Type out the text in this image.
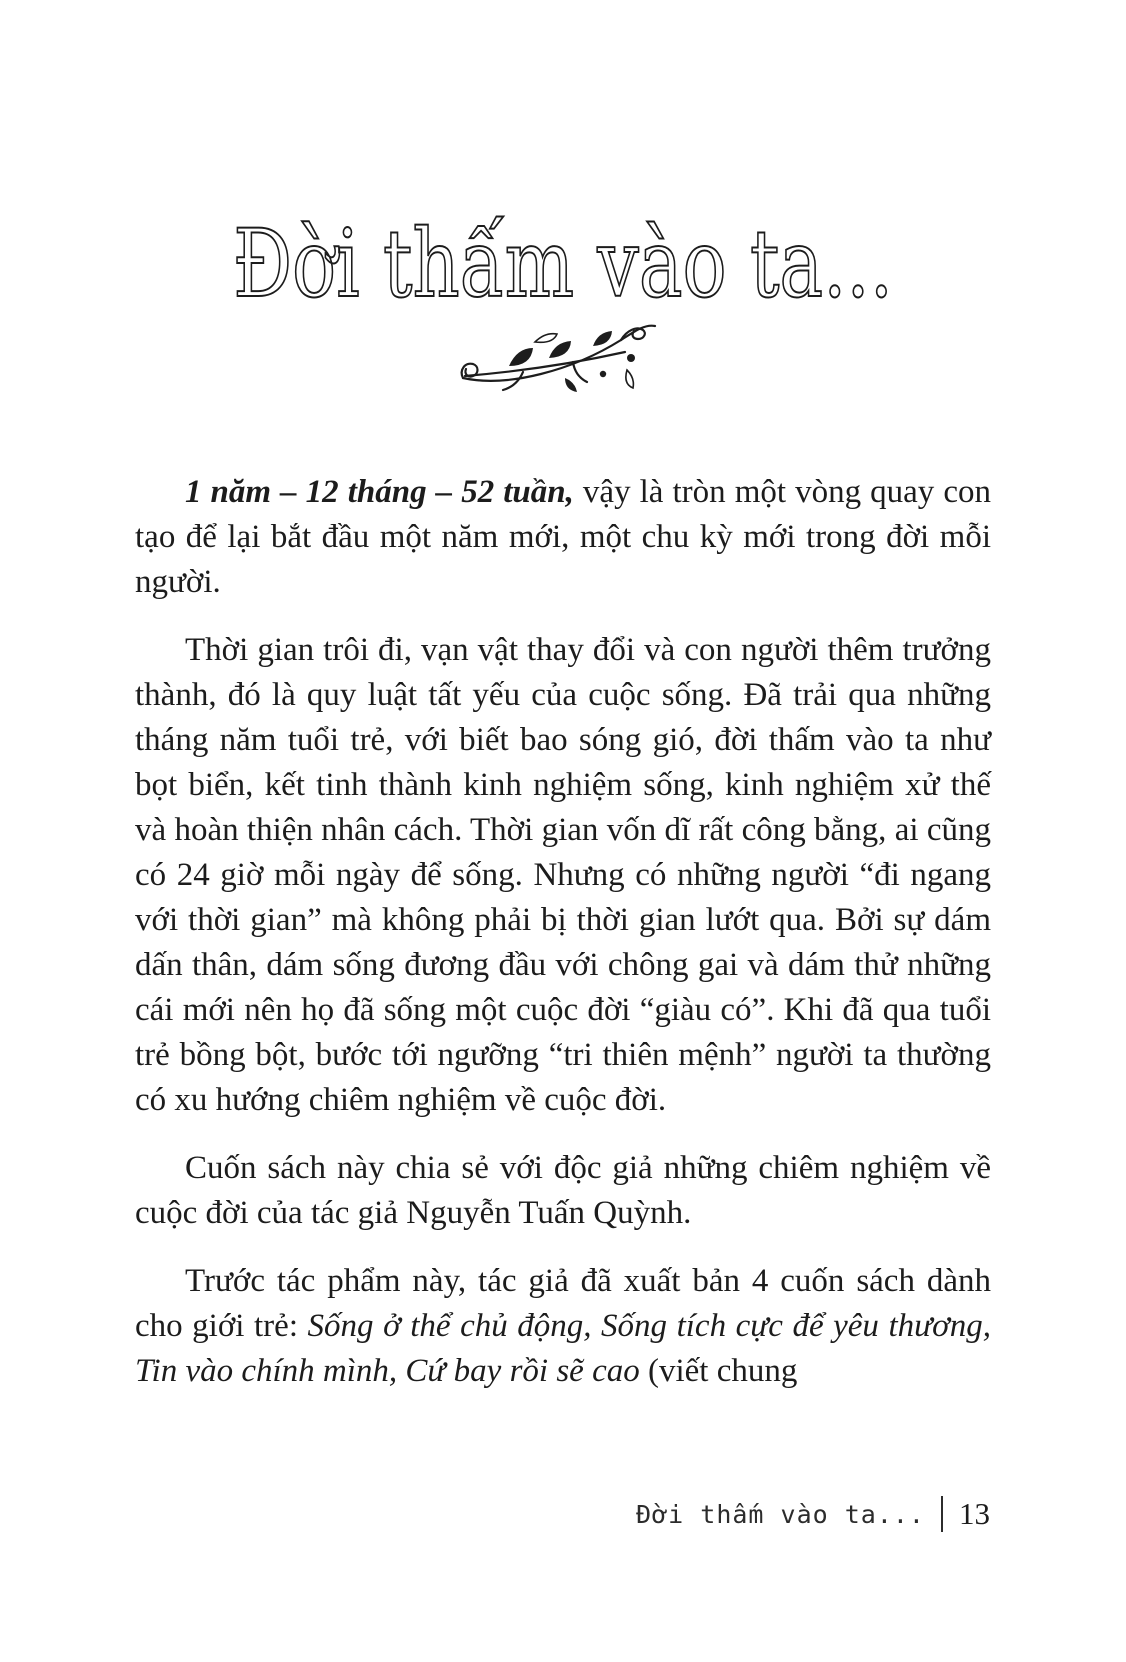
Đời thấm vào ta...

1 năm – 12 tháng – 52 tuần, vậy là tròn một vòng quay con tạo để lại bắt đầu một năm mới, một chu kỳ mới trong đời mỗi người.

Thời gian trôi đi, vạn vật thay đổi và con người thêm trưởng thành, đó là quy luật tất yếu của cuộc sống. Đã trải qua những tháng năm tuổi trẻ, với biết bao sóng gió, đời thấm vào ta như bọt biển, kết tinh thành kinh nghiệm sống, kinh nghiệm xử thế và hoàn thiện nhân cách. Thời gian vốn dĩ rất công bằng, ai cũng có 24 giờ mỗi ngày để sống. Nhưng có những người “đi ngang với thời gian” mà không phải bị thời gian lướt qua. Bởi sự dám dấn thân, dám sống đương đầu với chông gai và dám thử những cái mới nên họ đã sống một cuộc đời “giàu có”. Khi đã qua tuổi trẻ bồng bột, bước tới ngưỡng “tri thiên mệnh” người ta thường có xu hướng chiêm nghiệm về cuộc đời.

Cuốn sách này chia sẻ với độc giả những chiêm nghiệm về cuộc đời của tác giả Nguyễn Tuấn Quỳnh.

Trước tác phẩm này, tác giả đã xuất bản 4 cuốn sách dành cho giới trẻ: Sống ở thể chủ động, Sống tích cực để yêu thương, Tin vào chính mình, Cứ bay rồi sẽ cao (viết chung

Đời thấm vào ta... 13
